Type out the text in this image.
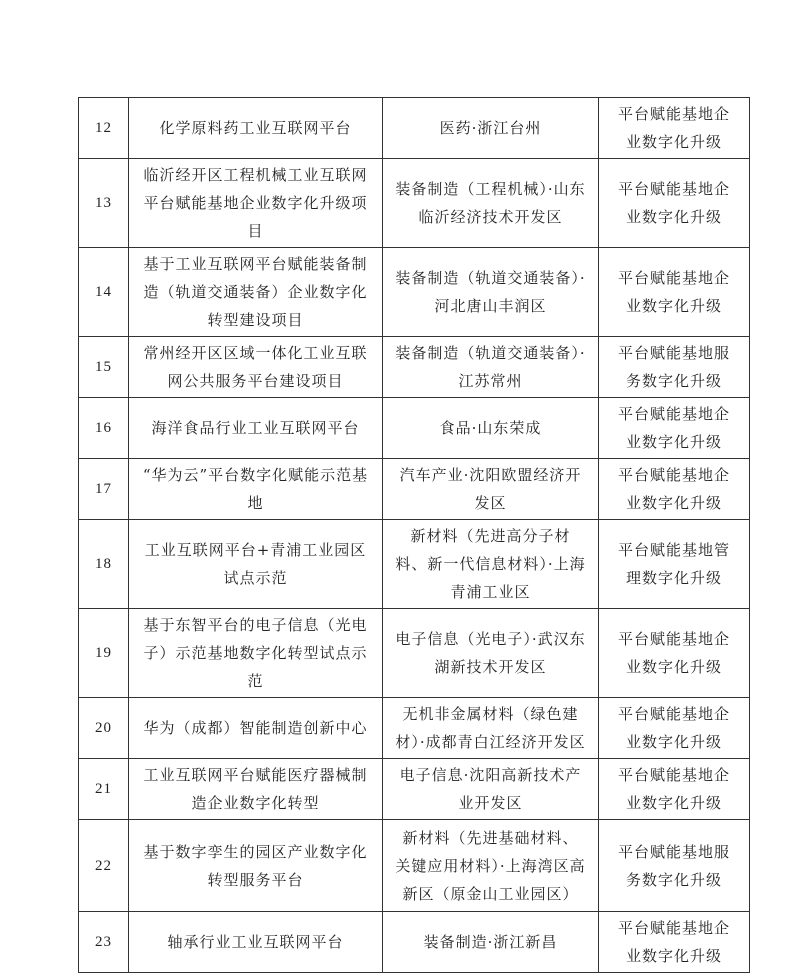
12	化学原料药工业互联网平台	医药·浙江台州	平台赋能基地企业数字化升级
13	临沂经开区工程机械工业互联网平台赋能基地企业数字化升级项目	装备制造（工程机械）·山东临沂经济技术开发区	平台赋能基地企业数字化升级
14	基于工业互联网平台赋能装备制造（轨道交通装备）企业数字化转型建设项目	装备制造（轨道交通装备）·河北唐山丰润区	平台赋能基地企业数字化升级
15	常州经开区区域一体化工业互联网公共服务平台建设项目	装备制造（轨道交通装备）·江苏常州	平台赋能基地服务数字化升级
16	海洋食品行业工业互联网平台	食品·山东荣成	平台赋能基地企业数字化升级
17	“华为云”平台数字化赋能示范基地	汽车产业·沈阳欧盟经济开发区	平台赋能基地企业数字化升级
18	工业互联网平台+青浦工业园区试点示范	新材料（先进高分子材料、新一代信息材料）·上海青浦工业区	平台赋能基地管理数字化升级
19	基于东智平台的电子信息（光电子）示范基地数字化转型试点示范	电子信息（光电子）·武汉东湖新技术开发区	平台赋能基地企业数字化升级
20	华为（成都）智能制造创新中心	无机非金属材料（绿色建材）·成都青白江经济开发区	平台赋能基地企业数字化升级
21	工业互联网平台赋能医疗器械制造企业数字化转型	电子信息·沈阳高新技术产业开发区	平台赋能基地企业数字化升级
22	基于数字孪生的园区产业数字化转型服务平台	新材料（先进基础材料、关键应用材料）·上海湾区高新区（原金山工业园区）	平台赋能基地服务数字化升级
23	轴承行业工业互联网平台	装备制造·浙江新昌	平台赋能基地企业数字化升级
